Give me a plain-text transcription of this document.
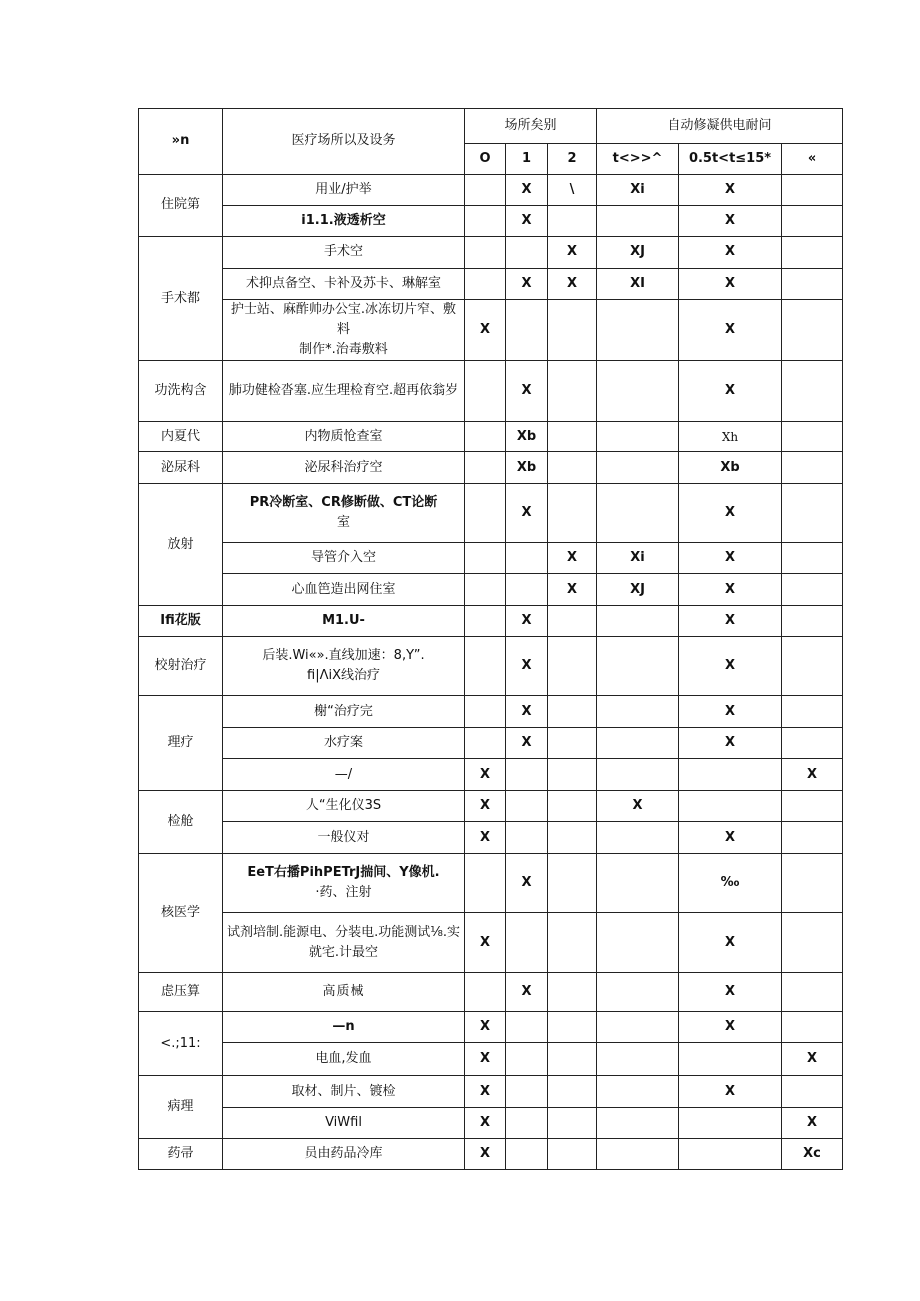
»n	医疗场所以及设务	场所矣别			自动修凝供电耐问		
		O	1	2	t<>>^	0.5t<t≤15*	«
住院第	用业/护举		X	\	Xi	X	
	i1.1.液透析空		X			X	
手术都	手术空			X	XJ	X	
	术抑点备空、卡补及苏卡、琳解室		X	X	XI	X	

	护士站、麻酢帅办公宝.冰冻切片窄、敷料
制作*.治毒敷料	X				X	
功洗构含	肺功健检沓塞.应生理检育空.超再依翁岁		X			X	
内夏代	内物质怆查室		Xb			Xh	
泌尿科	泌尿科治疗空		Xb			Xb	
放射	PR冷断室、CR修断做、CT论断
室		X			X	
	导管介入空			X	Xi	X	
	心血笆造出网住室			X	XJ	X	
Ifi花版	M1.U-		X			X	
校射治疗	后装.Wi«».直线加速：8,Y”.
fi|ΛiX线治疗		X			X	
理疗	榭“治疗完		X			X	
	水疗案		X			X	
	—/	X					X
检舱	人“生化仪3S	X			X		
	一般仪对	X				X	
核医学	EeT右播PihPETrJ揣间、Y像机.
·药、注射		X			‰	

	试剂培制.能源电、分装电.功能测试⅛.实
就宅.计最空	X				X	
虑压算	高质械		X			X	
<.;11:	—n	X				X	
	电血,发血	X					X
病理	取材、制片、镀检	X				X	
	ViWfil	X					X
药帚	员由药品冷库	X					Xc
